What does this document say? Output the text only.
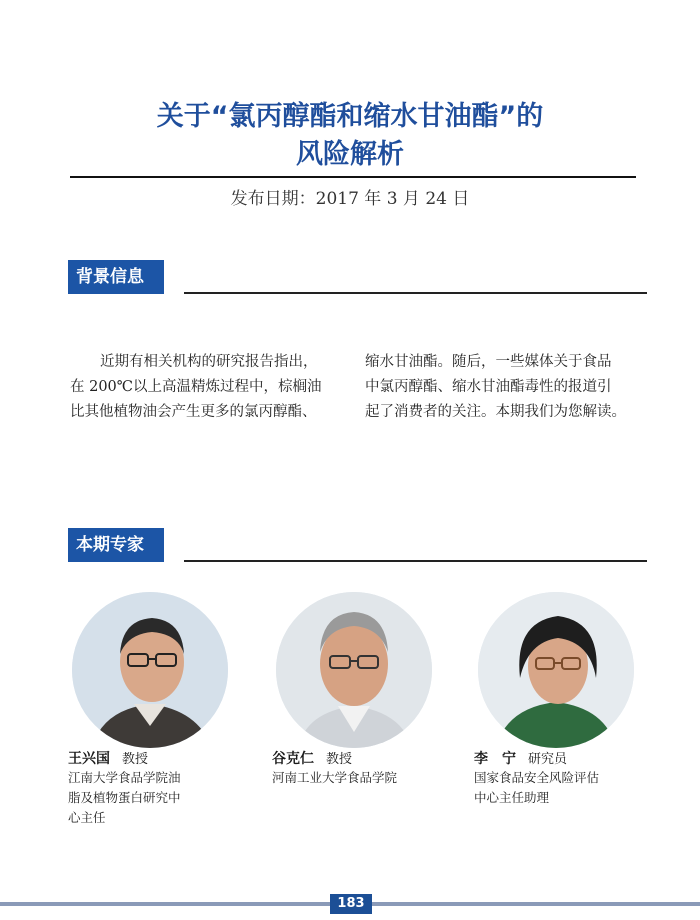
关于“氯丙醇酯和缩水甘油酯”的
风险解析
发布日期：2017 年 3 月 24 日
背景信息
近期有相关机构的研究报告指出，
在 200℃以上高温精炼过程中，棕榈油
比其他植物油会产生更多的氯丙醇酯、
缩水甘油酯。随后，一些媒体关于食品
中氯丙醇酯、缩水甘油酯毒性的报道引
起了消费者的关注。本期我们为您解读。
本期专家
王兴国 教授
江南大学食品学院油
脂及植物蛋白研究中
心主任
谷克仁 教授
河南工业大学食品学院
李　宁 研究员
国家食品安全风险评估
中心主任助理
183
